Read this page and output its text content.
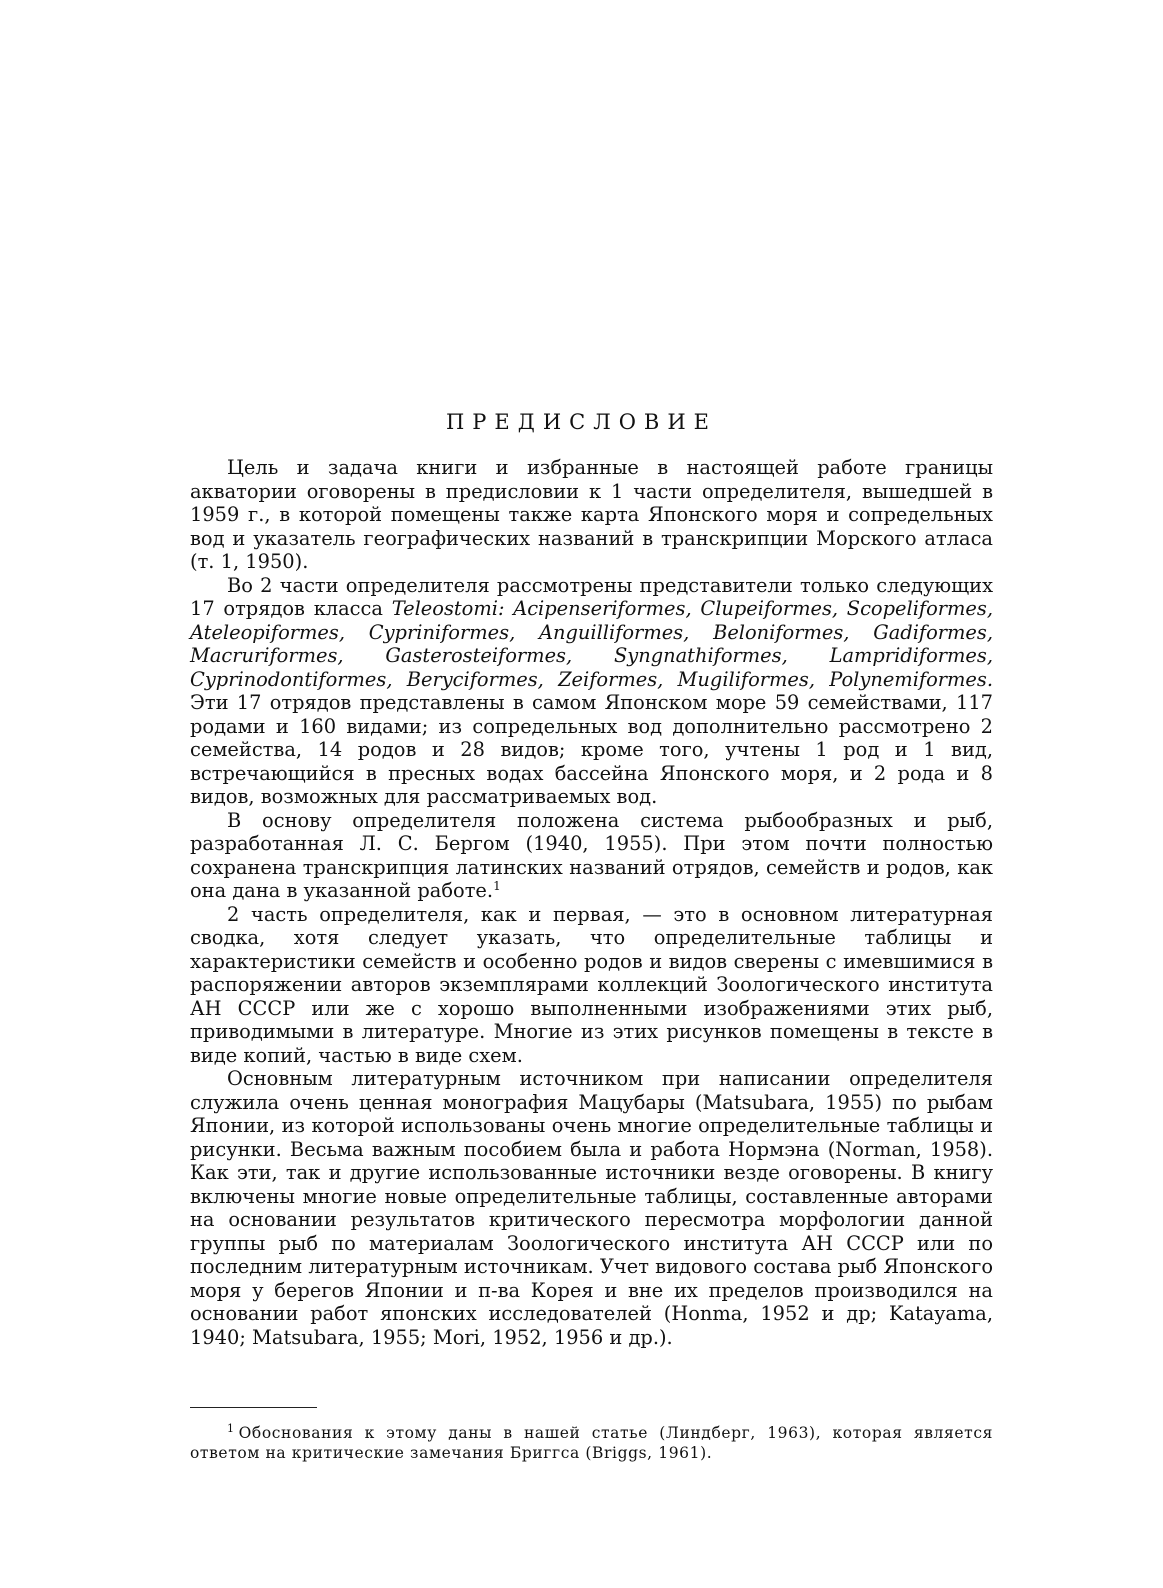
ПРЕДИСЛОВИЕ

Цель и задача книги и избранные в настоящей работе границы акватории оговорены в предисловии к 1 части определителя, вышедшей в 1959 г., в которой помещены также карта Японского моря и сопредельных вод и указатель географических названий в транскрипции Морского атласа (т. 1, 1950).

Во 2 части определителя рассмотрены представители только следующих 17 отрядов класса Teleostomi: Acipenseriformes, Clupeiformes, Scopeliformes, Ateleopiformes, Cypriniformes, Anguilliformes, Beloniformes, Gadiformes, Macruriformes, Gasterosteiformes, Syngnathiformes, Lampridiformes, Cyprinodontiformes, Beryciformes, Zeiformes, Mugiliformes, Polynemiformes. Эти 17 отрядов представлены в самом Японском море 59 семействами, 117 родами и 160 видами; из сопредельных вод дополнительно рассмотрено 2 семейства, 14 родов и 28 видов; кроме того, учтены 1 род и 1 вид, встречающийся в пресных водах бассейна Японского моря, и 2 рода и 8 видов, возможных для рассматриваемых вод.

В основу определителя положена система рыбообразных и рыб, разработанная Л. С. Бергом (1940, 1955). При этом почти полностью сохранена транскрипция латинских названий отрядов, семейств и родов, как она дана в указанной работе.$^1$

2 часть определителя, как и первая, — это в основном литературная сводка, хотя следует указать, что определительные таблицы и характеристики семейств и особенно родов и видов сверены с имевшимися в распоряжении авторов экземплярами коллекций Зоологического института АН СССР или же с хорошо выполненными изображениями этих рыб, приводимыми в литературе. Многие из этих рисунков помещены в тексте в виде копий, частью в виде схем.

Основным литературным источником при написании определителя служила очень ценная монография Мацубары (Matsubara, 1955) по рыбам Японии, из которой использованы очень многие определительные таблицы и рисунки. Весьма важным пособием была и работа Нормэна (Norman, 1958). Как эти, так и другие использованные источники везде оговорены. В книгу включены многие новые определительные таблицы, составленные авторами на основании результатов критического пересмотра морфологии данной группы рыб по материалам Зоологического института АН СССР или по последним литературным источникам. Учет видового состава рыб Японского моря у берегов Японии и п-ва Корея и вне их пределов производился на основании работ японских исследователей (Honma, 1952 и др; Katayama, 1940; Matsubara, 1955; Mori, 1952, 1956 и др.).

$^1$ Обоснования к этому даны в нашей статье (Линдберг, 1963), которая является ответом на критические замечания Бриггса (Briggs, 1961).
